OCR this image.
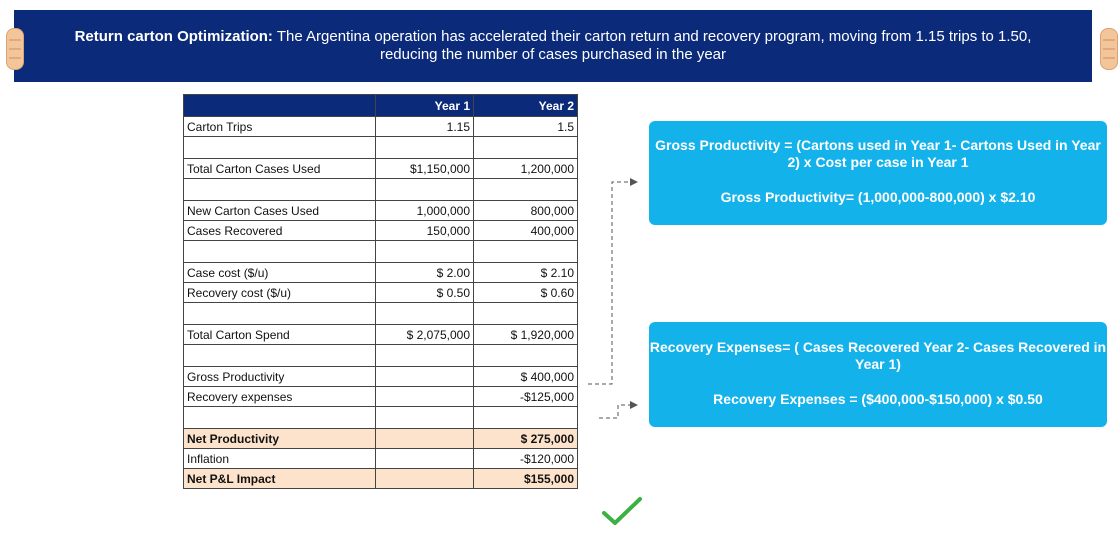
Return carton Optimization: The Argentina operation has accelerated their carton return and recovery program, moving from 1.15 trips to 1.50,
reducing the number of cases purchased in the year
	Year 1	Year 2
Carton Trips	1.15	1.5

Total Carton Cases Used	$1,150,000	1,200,000

New Carton Cases Used	1,000,000	800,000
Cases Recovered	150,000	400,000

Case cost ($/u)	$ 2.00	$ 2.10
Recovery cost ($/u)	$ 0.50	$ 0.60

Total Carton Spend	$ 2,075,000	$ 1,920,000

Gross Productivity		$ 400,000
Recovery expenses		-$125,000

Net Productivity		$ 275,000
Inflation		-$120,000
Net P&L Impact		$155,000

Gross Productivity = (Cartons used in Year 1- Cartons Used in Year 2) x Cost per case in Year 1

Gross Productivity= (1,000,000-800,000) x $2.10

Recovery Expenses= ( Cases Recovered Year 2- Cases Recovered in Year 1)

Recovery Expenses = ($400,000-$150,000) x $0.50
